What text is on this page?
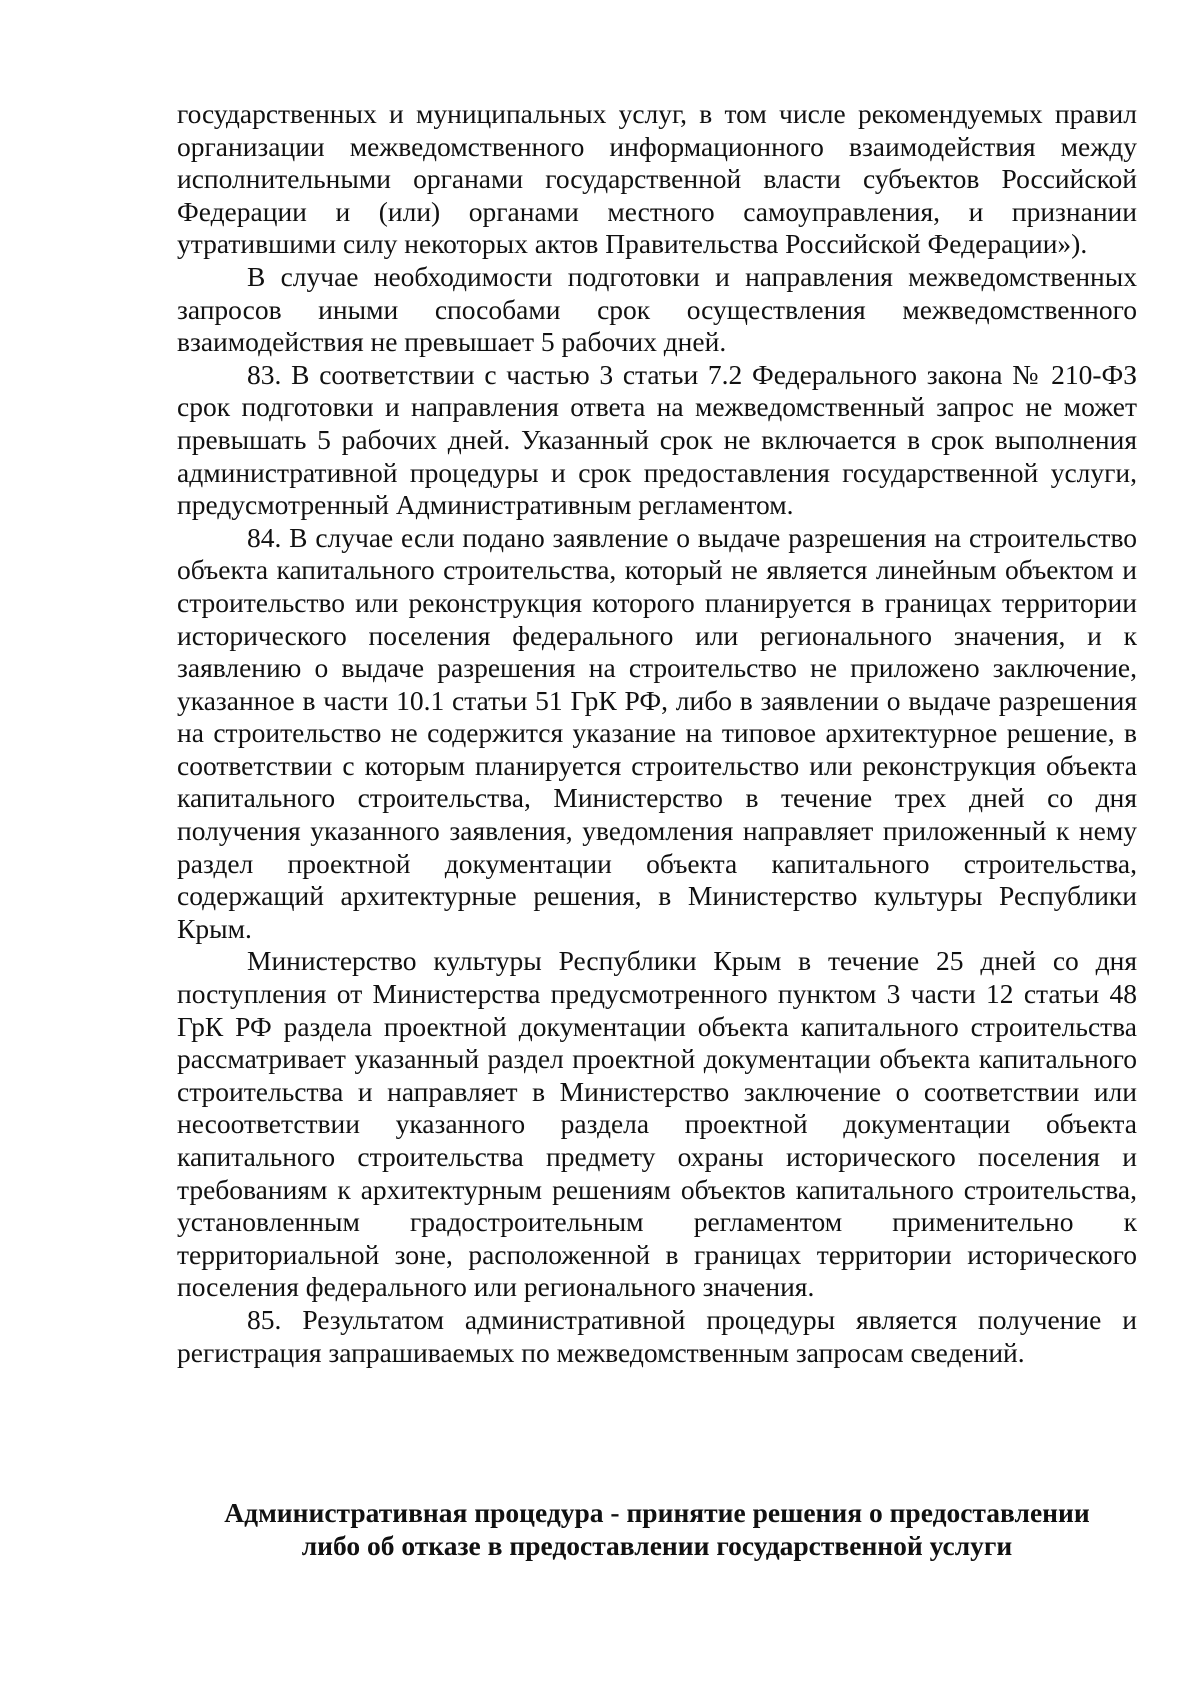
государственных и муниципальных услуг, в том числе рекомендуемых правил организации межведомственного информационного взаимодействия между исполнительными органами государственной власти субъектов Российской Федерации и (или) органами местного самоуправления, и признании утратившими силу некоторых актов Правительства Российской Федерации»).

В случае необходимости подготовки и направления межведомственных запросов иными способами срок осуществления межведомственного взаимодействия не превышает 5 рабочих дней.

83. В соответствии с частью 3 статьи 7.2 Федерального закона № 210-ФЗ срок подготовки и направления ответа на межведомственный запрос не может превышать 5 рабочих дней. Указанный срок не включается в срок выполнения административной процедуры и срок предоставления государственной услуги, предусмотренный Административным регламентом.

84. В случае если подано заявление о выдаче разрешения на строительство объекта капитального строительства, который не является линейным объектом и строительство или реконструкция которого планируется в границах территории исторического поселения федерального или регионального значения, и к заявлению о выдаче разрешения на строительство не приложено заключение, указанное в части 10.1 статьи 51 ГрК РФ, либо в заявлении о выдаче разрешения на строительство не содержится указание на типовое архитектурное решение, в соответствии с которым планируется строительство или реконструкция объекта капитального строительства, Министерство в течение трех дней со дня получения указанного заявления, уведомления направляет приложенный к нему раздел проектной документации объекта капитального строительства, содержащий архитектурные решения, в Министерство культуры Республики Крым.

Министерство культуры Республики Крым в течение 25 дней со дня поступления от Министерства предусмотренного пунктом 3 части 12 статьи 48 ГрК РФ раздела проектной документации объекта капитального строительства рассматривает указанный раздел проектной документации объекта капитального строительства и направляет в Министерство заключение о соответствии или несоответствии указанного раздела проектной документации объекта капитального строительства предмету охраны исторического поселения и требованиям к архитектурным решениям объектов капитального строительства, установленным градостроительным регламентом применительно к территориальной зоне, расположенной в границах территории исторического поселения федерального или регионального значения.

85. Результатом административной процедуры является получение и регистрация запрашиваемых по межведомственным запросам сведений.

Административная процедура - принятие решения о предоставлении
либо об отказе в предоставлении государственной услуги
